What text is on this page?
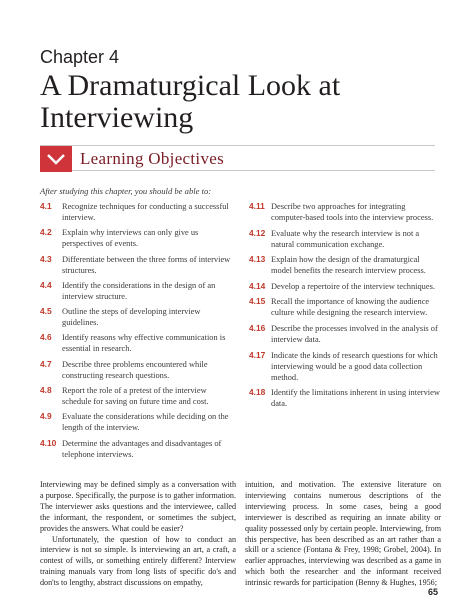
Chapter 4
A Dramaturgical Look at Interviewing
Learning Objectives
After studying this chapter, you should be able to:
4.1	Recognize techniques for conducting a successful interview.
4.2	Explain why interviews can only give us perspectives of events.
4.3	Differentiate between the three forms of interview structures.
4.4	Identify the considerations in the design of an interview structure.
4.5	Outline the steps of developing interview guidelines.
4.6	Identify reasons why effective communication is essential in research.
4.7	Describe three problems encountered while constructing research questions.
4.8	Report the role of a pretest of the interview schedule for saving on future time and cost.
4.9	Evaluate the considerations while deciding on the length of the interview.
4.10 Determine the advantages and disadvantages of telephone interviews.
4.11 Describe two approaches for integrating computer-based tools into the interview process.
4.12 Evaluate why the research interview is not a natural communication exchange.
4.13 Explain how the design of the dramaturgical model benefits the research interview process.
4.14 Develop a repertoire of the interview techniques.
4.15 Recall the importance of knowing the audience culture while designing the research interview.
4.16 Describe the processes involved in the analysis of interview data.
4.17 Indicate the kinds of research questions for which interviewing would be a good data collection method.
4.18 Identify the limitations inherent in using interview data.

Interviewing may be defined simply as a conversation with a purpose. Specifically, the purpose is to gather information. The interviewer asks questions and the interviewee, called the informant, the respondent, or sometimes the subject, provides the answers. What could be easier?

Unfortunately, the question of how to conduct an interview is not so simple. Is interviewing an art, a craft, a contest of wills, or something entirely different? Interview training manuals vary from long lists of specific do's and don'ts to lengthy, abstract discussions on empathy,

intuition, and motivation. The extensive literature on interviewing contains numerous descriptions of the interviewing process. In some cases, being a good interviewer is described as requiring an innate ability or quality possessed only by certain people. Interviewing, from this perspective, has been described as an art rather than a skill or a science (Fontana & Frey, 1998; Grobel, 2004). In earlier approaches, interviewing was described as a game in which both the researcher and the informant received intrinsic rewards for participation (Benny & Hughes, 1956;

65
